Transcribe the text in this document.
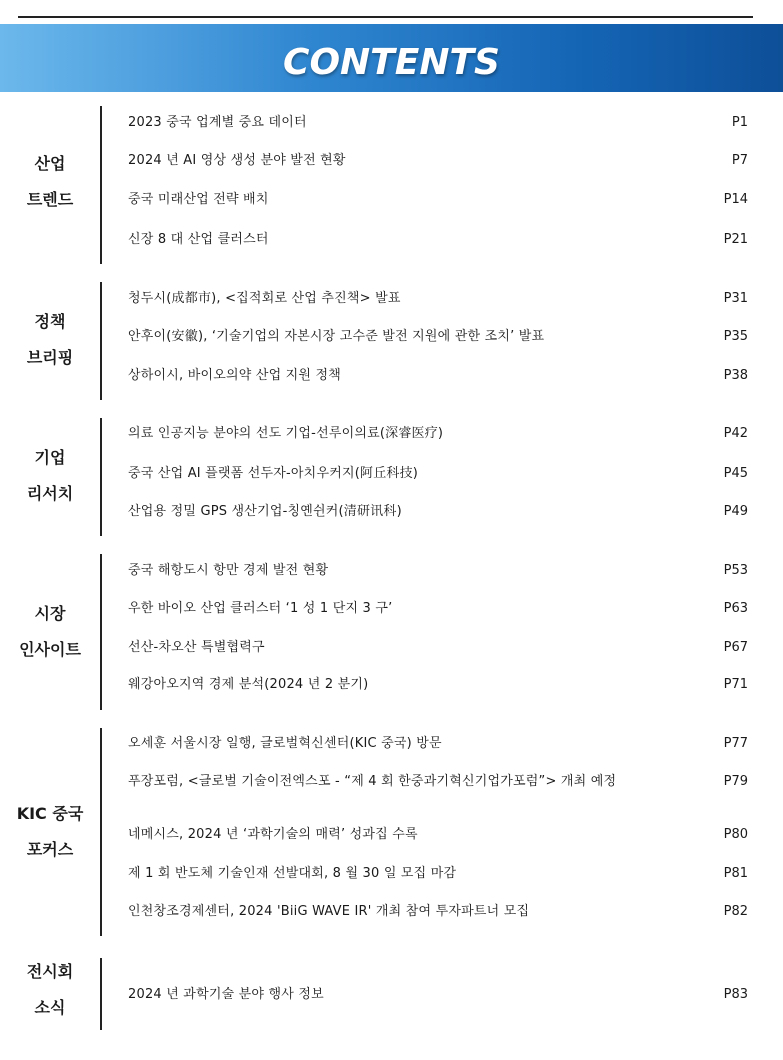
CONTENTS
산업
트렌드
2023 중국 업계별 중요 데이터	P1
2024 년 AI 영상 생성 분야 발전 현황	P7
중국 미래산업 전략 배치	P14
신장 8 대 산업 클러스터	P21
정책
브리핑
청두시(成都市), <집적회로 산업 추진책> 발표	P31
안후이(安徽), ‘기술기업의 자본시장 고수준 발전 지원에 관한 조치’ 발표	P35
상하이시, 바이오의약 산업 지원 정책	P38
기업
리서치
의료 인공지능 분야의 선도 기업-선루이의료(深睿医疗)	P42
중국 산업 AI 플랫폼 선두자-아치우커지(阿丘科技)	P45
산업용 정밀 GPS 생산기업-칭옌쉰커(清研讯科)	P49
시장
인사이트
중국 해항도시 항만 경제 발전 현황	P53
우한 바이오 산업 클러스터 ‘1 성 1 단지 3 구’	P63
선산-차오산 특별협력구	P67
웨강아오지역 경제 분석(2024 년 2 분기)	P71
KIC 중국
포커스
오세훈 서울시장 일행, 글로벌혁신센터(KIC 중국) 방문	P77
푸장포럼, <글로벌 기술이전엑스포 - “제 4 회 한중과기혁신기업가포럼”> 개최 예정	P79
네메시스, 2024 년 ‘과학기술의 매력’ 성과집 수록	P80
제 1 회 반도체 기술인재 선발대회, 8 월 30 일 모집 마감	P81
인천창조경제센터, 2024 'BiiG WAVE IR' 개최 참여 투자파트너 모집	P82
전시회
소식
2024 년 과학기술 분야 행사 정보	P83
